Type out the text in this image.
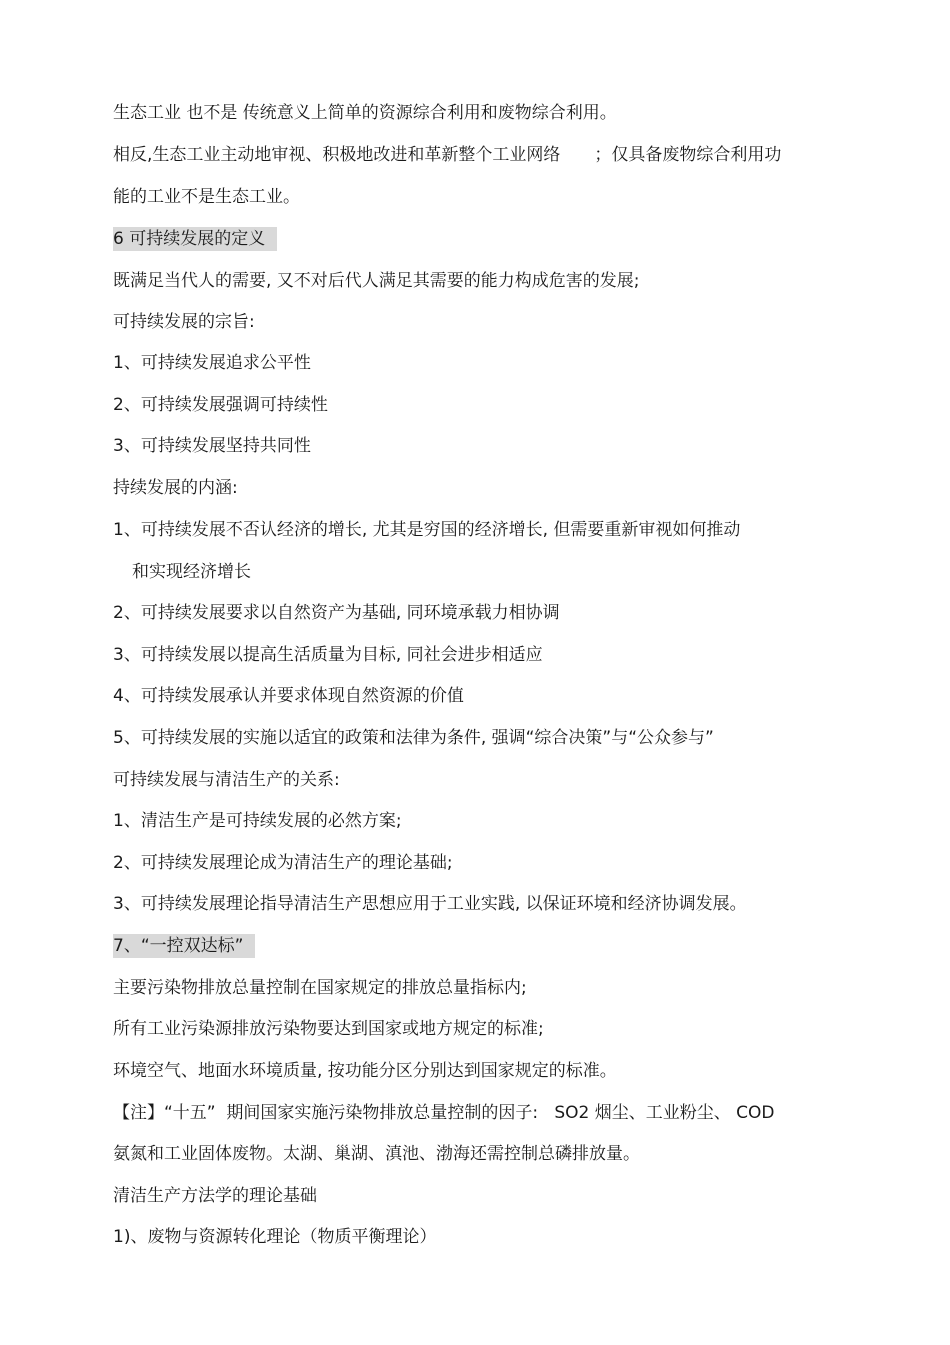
生态工业 也不是 传统意义上简单的资源综合利用和废物综合利用。
相反,生态工业主动地审视、积极地改进和革新整个工业网络　　；仅具备废物综合利用功
能的工业不是生态工业。
6 可持续发展的定义
既满足当代人的需要, 又不对后代人满足其需要的能力构成危害的发展;
可持续发展的宗旨:
1、可持续发展追求公平性
2、可持续发展强调可持续性
3、可持续发展坚持共同性
持续发展的内涵:
1、可持续发展不否认经济的增长, 尤其是穷国的经济增长, 但需要重新审视如何推动
和实现经济增长
2、可持续发展要求以自然资产为基础, 同环境承载力相协调
3、可持续发展以提高生活质量为目标, 同社会进步相适应
4、可持续发展承认并要求体现自然资源的价值
5、可持续发展的实施以适宜的政策和法律为条件, 强调“综合决策”与“公众参与”
可持续发展与清洁生产的关系:
1、清洁生产是可持续发展的必然方案;
2、可持续发展理论成为清洁生产的理论基础;
3、可持续发展理论指导清洁生产思想应用于工业实践, 以保证环境和经济协调发展。
7、“一控双达标”
主要污染物排放总量控制在国家规定的排放总量指标内;
所有工业污染源排放污染物要达到国家或地方规定的标准;
环境空气、地面水环境质量, 按功能分区分别达到国家规定的标准。
【注】“十五”  期间国家实施污染物排放总量控制的因子:   SO2 烟尘、工业粉尘、 COD
氨氮和工业固体废物。太湖、巢湖、滇池、渤海还需控制总磷排放量。
清洁生产方法学的理论基础
1)、废物与资源转化理论（物质平衡理论）
